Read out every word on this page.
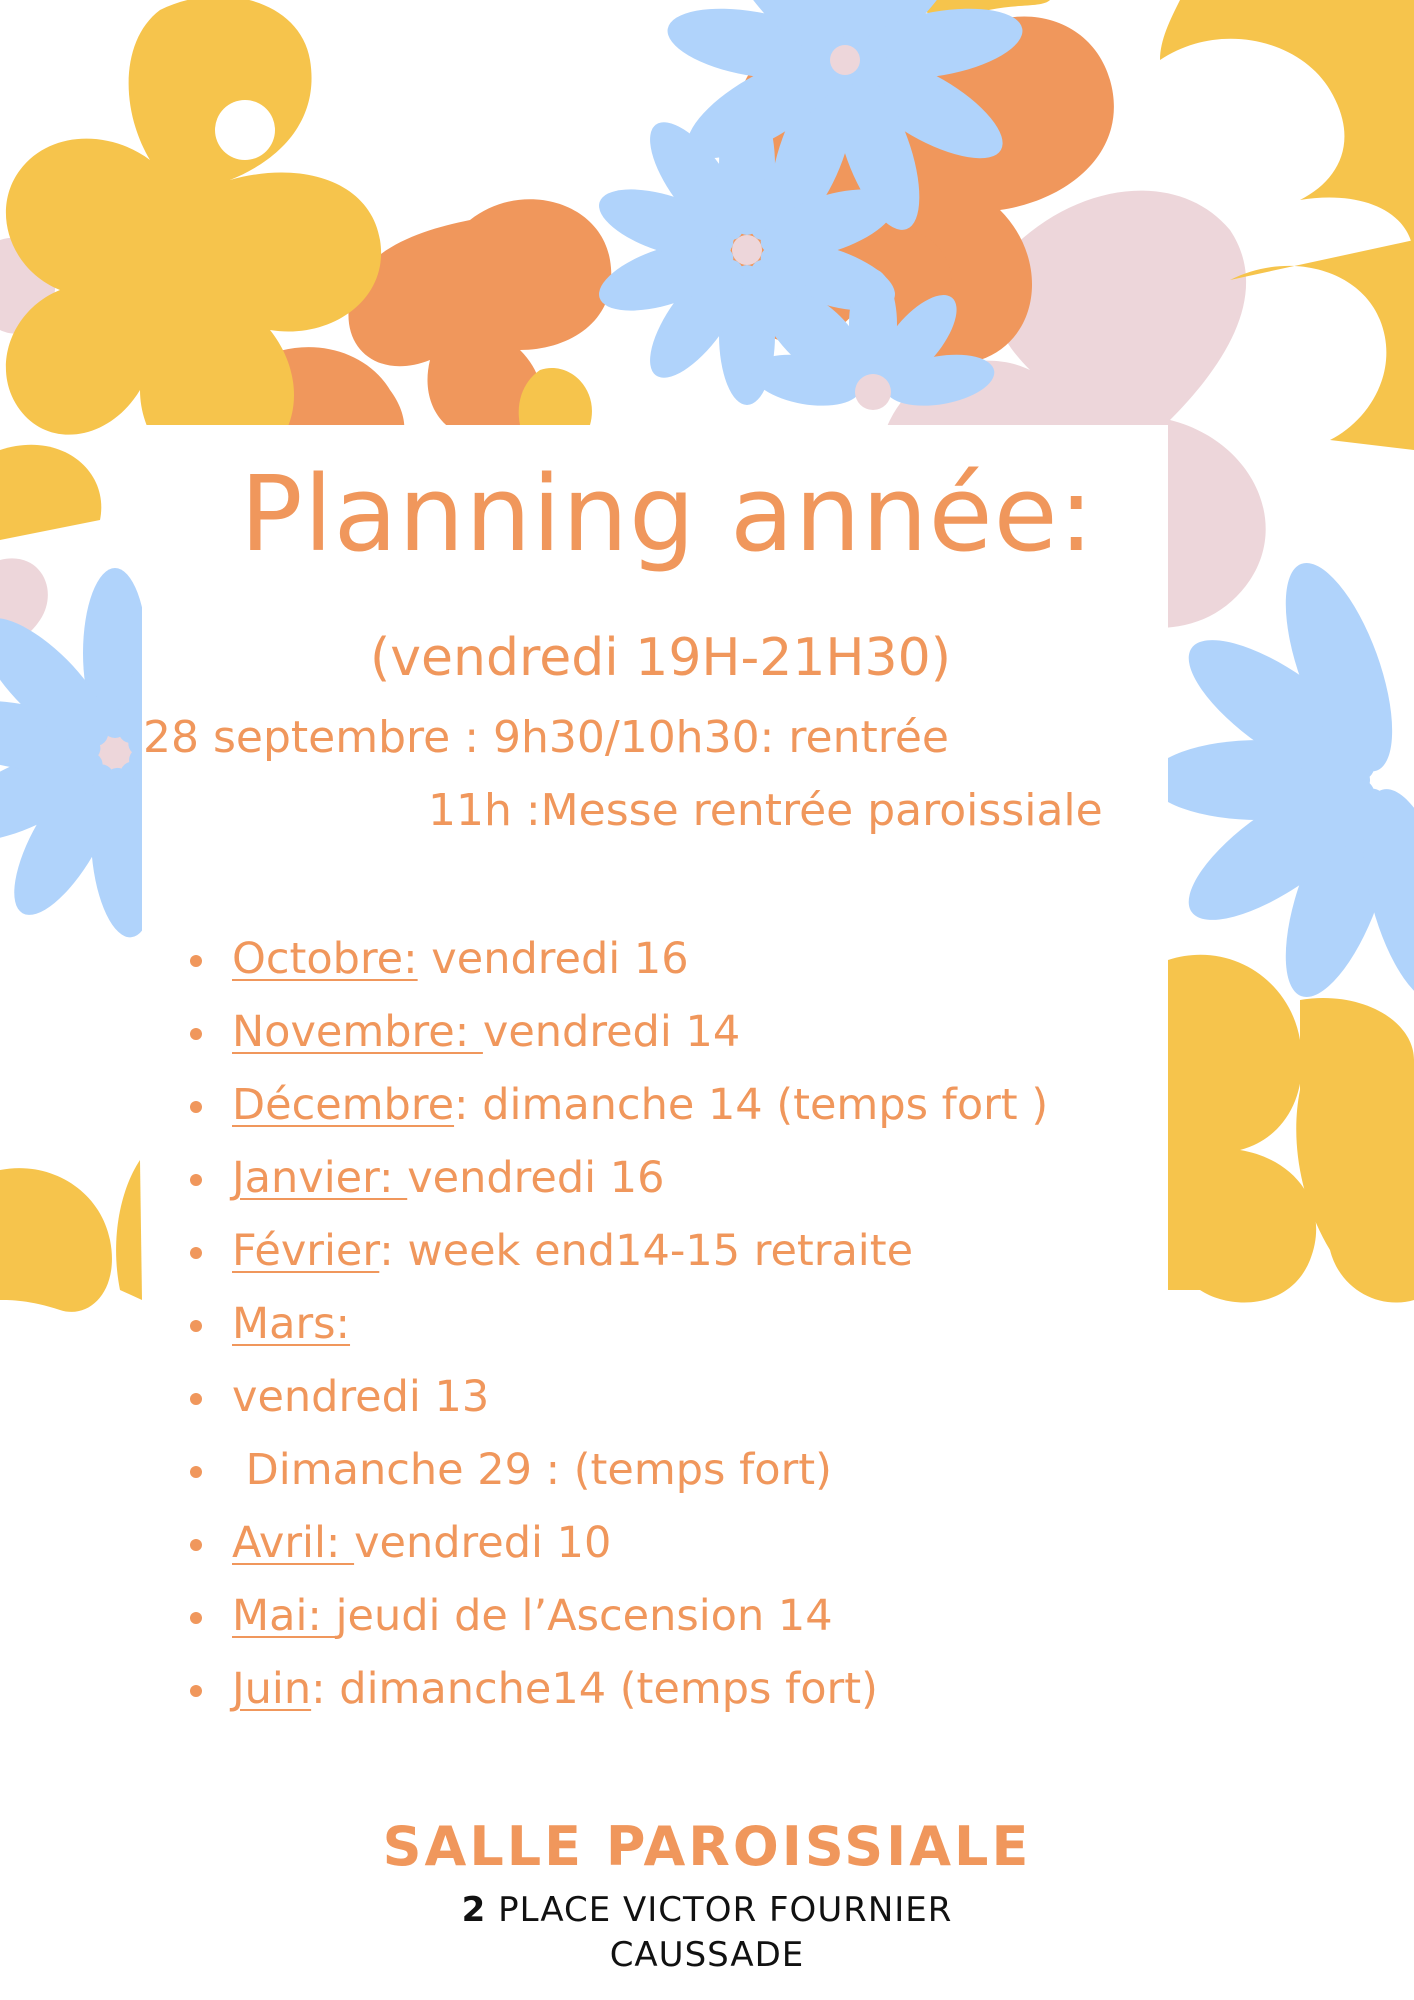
Planning année:
(vendredi 19H-21H30)
28 septembre : 9h30/10h30: rentrée
11h :Messe rentrée paroissiale
Octobre: vendredi 16
Novembre: vendredi 14
Décembre: dimanche 14 (temps fort )
Janvier: vendredi 16
Février: week end14-15 retraite
Mars:
vendredi 13
Dimanche 29 : (temps fort)
Avril: vendredi 10
Mai: jeudi de l’Ascension 14
Juin: dimanche14 (temps fort)
SALLE PAROISSIALE
2 PLACE VICTOR FOURNIER
CAUSSADE
